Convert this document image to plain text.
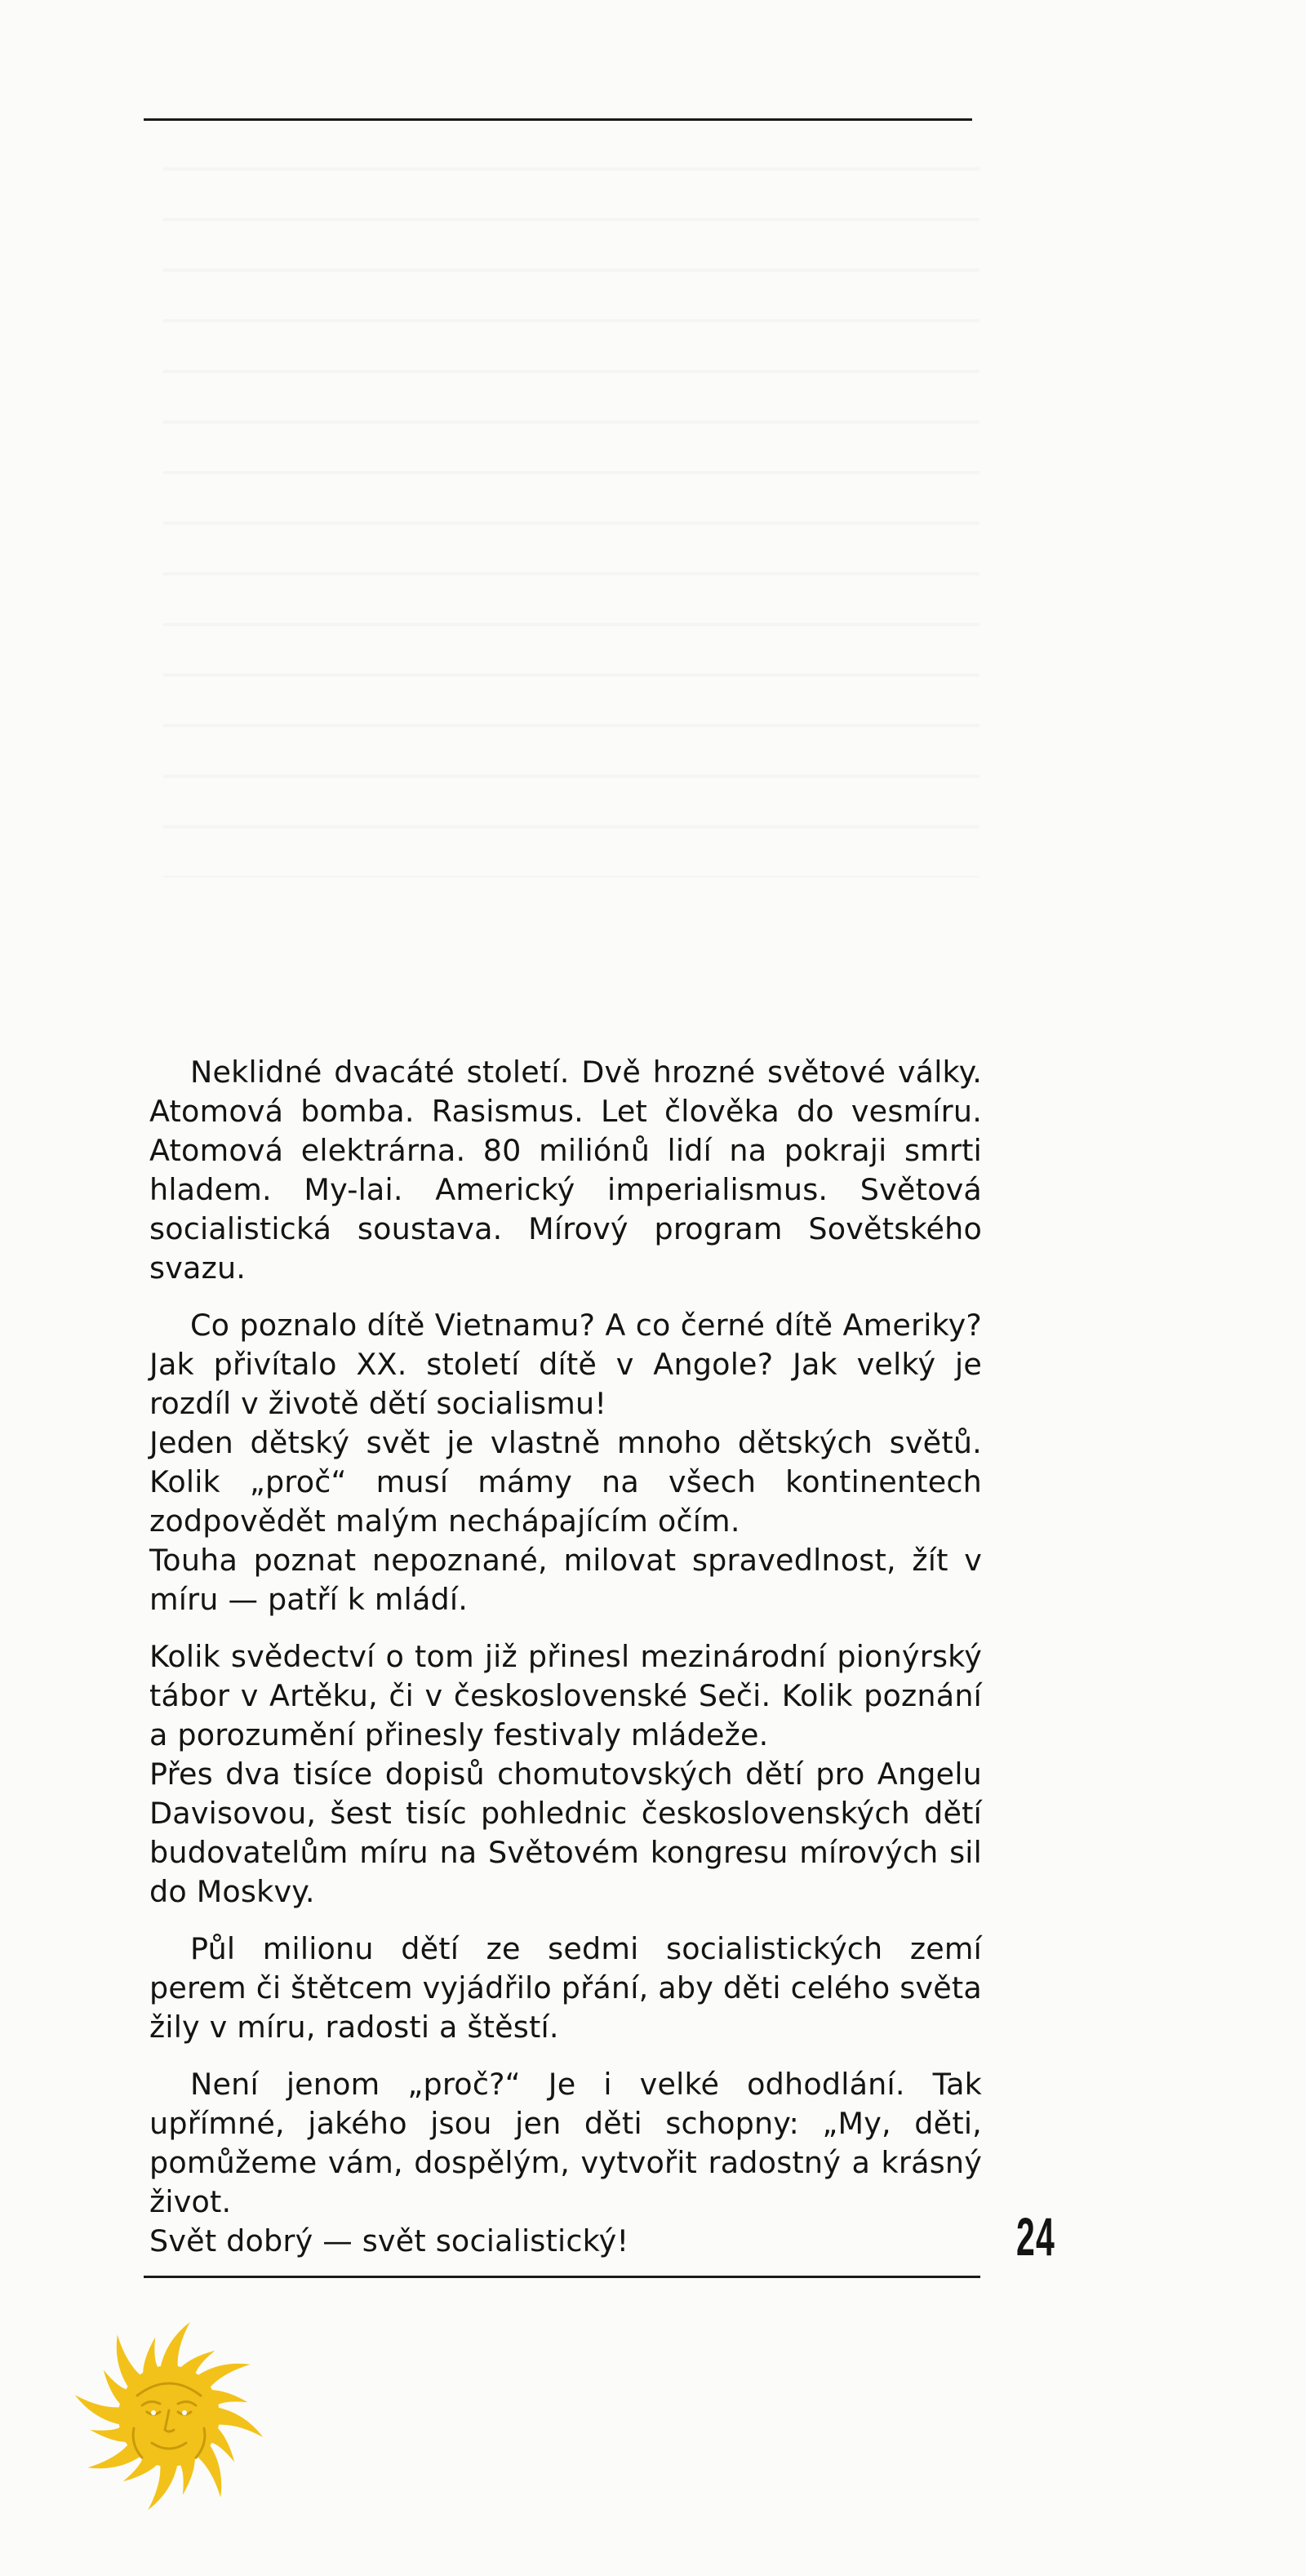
Neklidné dvacáté století. Dvě hrozné světové války. Atomová bomba. Rasismus. Let člověka do vesmíru. Atomová elektrárna. 80 miliónů lidí na pokraji smrti hladem. My-lai. Americký imperialismus. Světová socialistická soustava. Mírový program Sovětského svazu.

Co poznalo dítě Vietnamu? A co černé dítě Ameriky? Jak přivítalo XX. století dítě v Angole? Jak velký je rozdíl v životě dětí socialismu!

Jeden dětský svět je vlastně mnoho dětských světů. Kolik „proč“ musí mámy na všech kontinentech zodpovědět malým nechápajícím očím.

Touha poznat nepoznané, milovat spravedlnost, žít v míru — patří k mládí.

Kolik svědectví o tom již přinesl mezinárodní pionýrský tábor v Artěku, či v československé Seči. Kolik poznání a porozumění přinesly festivaly mládeže.

Přes dva tisíce dopisů chomutovských dětí pro Angelu Davisovou, šest tisíc pohlednic československých dětí budovatelům míru na Světovém kongresu mírových sil do Moskvy.

Půl milionu dětí ze sedmi socialistických zemí perem či štětcem vyjádřilo přání, aby děti celého světa žily v míru, radosti a štěstí.

Není jenom „proč?“ Je i velké odhodlání. Tak upřímné, jakého jsou jen děti schopny: „My, děti, pomůžeme vám, dospělým, vytvořit radostný a krásný život.

Svět dobrý — svět socialistický!	24
